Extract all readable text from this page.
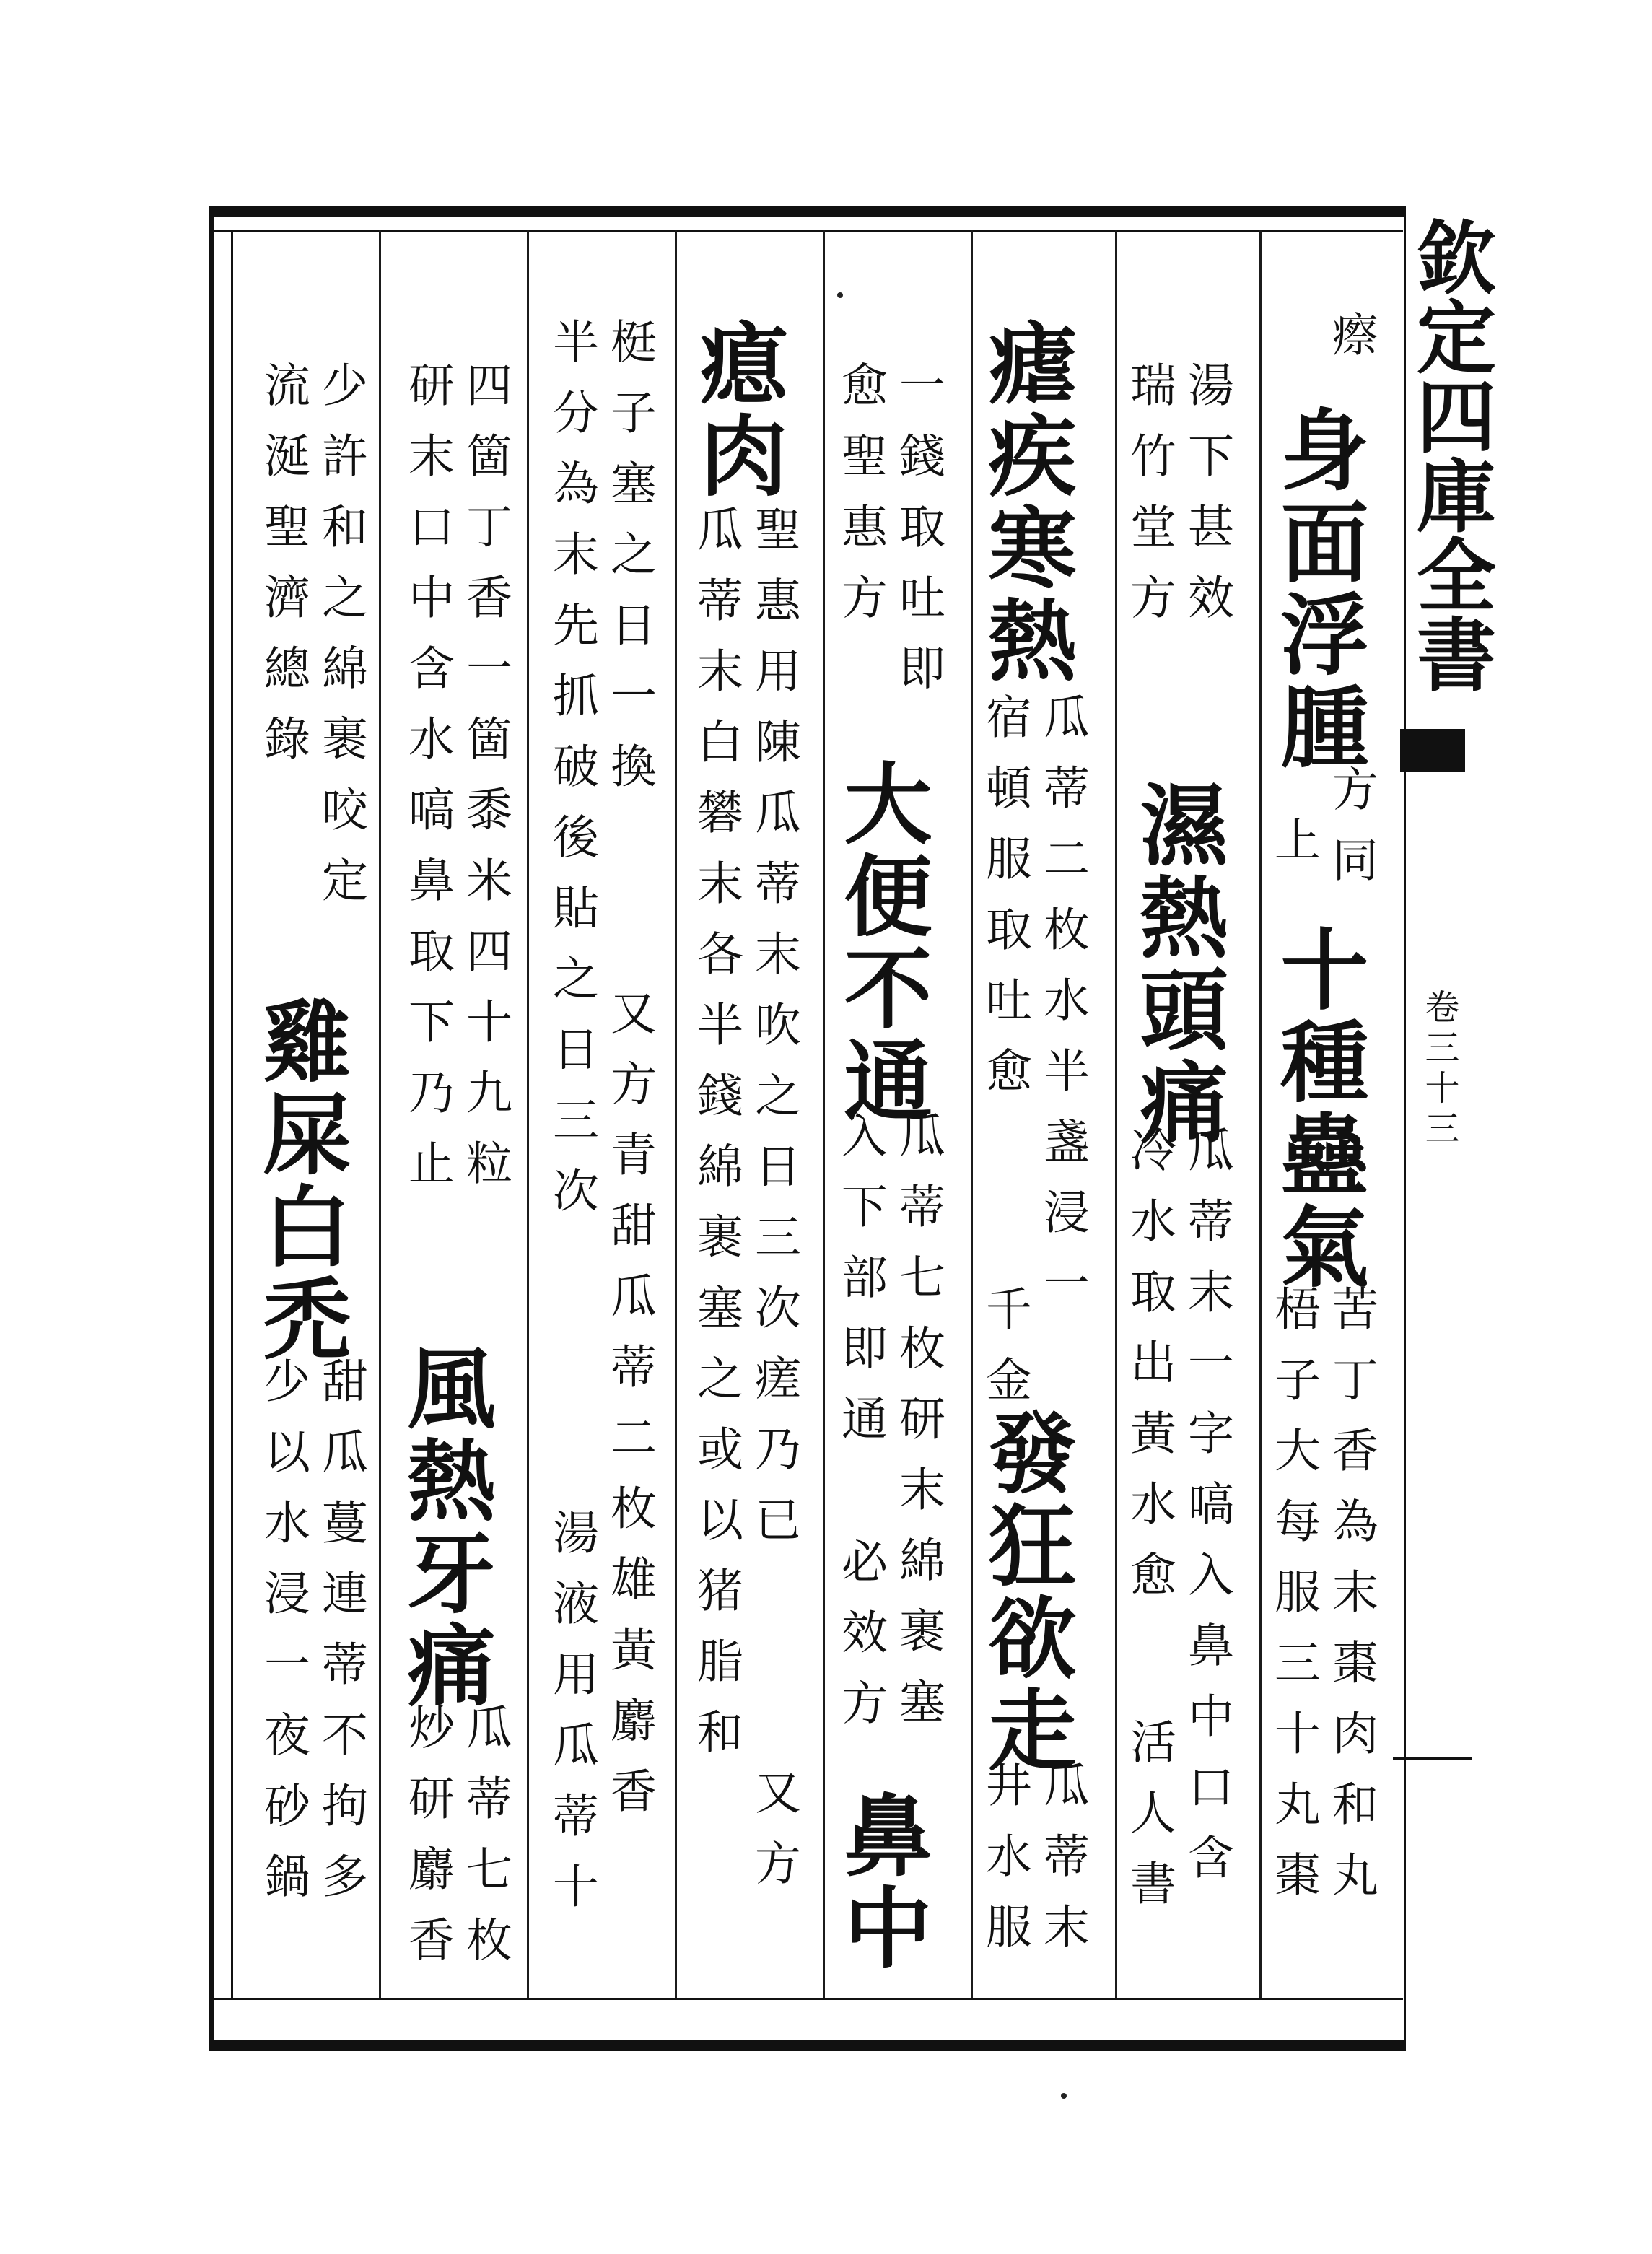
欽定四庫全書
卷三十三
瘵
身面浮腫
方同
上
十種蠱氣
苦丁香為末棗肉和丸
梧子大每服三十丸棗
湯下甚效
瑞竹堂方
濕熱頭痛
瓜蒂末一字嗃入鼻中口含
冷水取出黃水愈
活人書
瘧疾寒熱
瓜蒂二枚水半盞浸一
宿頓服取吐愈
千金
發狂欲走
瓜蒂末
井水服
一錢取吐即
愈聖惠方
大便不通
瓜蒂七枚研末綿裹塞
入下部即通
必效方
鼻中
瘜肉
聖惠用陳瓜蒂末吹之日三次瘥乃已
瓜蒂末白礬末各半錢綿裹塞之或以猪脂和
又方
梃子塞之日一換
半分為末先抓破後貼之日三次
又方青甜瓜蒂二枚雄黃麝香
湯液用瓜蒂十
四箇丁香一箇黍米四十九粒
研末口中含水嗃鼻取下乃止
風熱牙痛
瓜蒂七枚
炒研麝香
少許和之綿裹咬定
流涎聖濟總錄
雞屎白禿
甜瓜蔓連蒂不拘多
少以水浸一夜砂鍋
